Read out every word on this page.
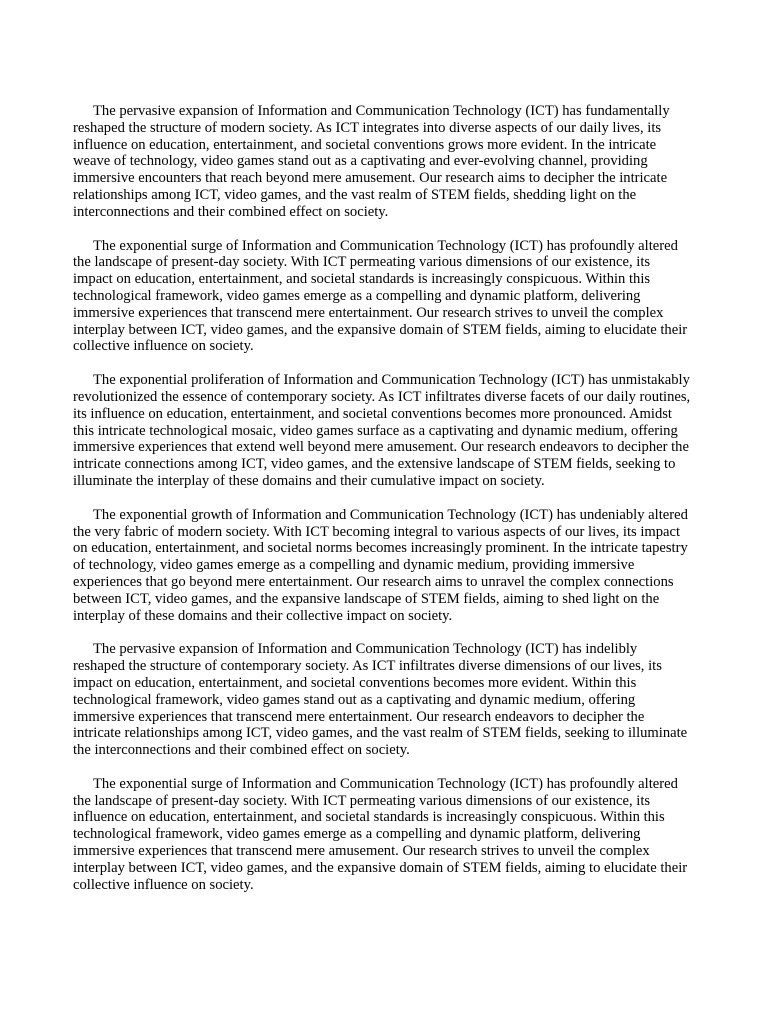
The pervasive expansion of Information and Communication Technology (ICT) has fundamentally reshaped the structure of modern society. As ICT integrates into diverse aspects of our daily lives, its influence on education, entertainment, and societal conventions grows more evident. In the intricate weave of technology, video games stand out as a captivating and ever-evolving channel, providing immersive encounters that reach beyond mere amusement. Our research aims to decipher the intricate relationships among ICT, video games, and the vast realm of STEM fields, shedding light on the interconnections and their combined effect on society.

The exponential surge of Information and Communication Technology (ICT) has profoundly altered the landscape of present-day society. With ICT permeating various dimensions of our existence, its impact on education, entertainment, and societal standards is increasingly conspicuous. Within this technological framework, video games emerge as a compelling and dynamic platform, delivering immersive experiences that transcend mere entertainment. Our research strives to unveil the complex interplay between ICT, video games, and the expansive domain of STEM fields, aiming to elucidate their collective influence on society.

The exponential proliferation of Information and Communication Technology (ICT) has unmistakably revolutionized the essence of contemporary society. As ICT infiltrates diverse facets of our daily routines, its influence on education, entertainment, and societal conventions becomes more pronounced. Amidst this intricate technological mosaic, video games surface as a captivating and dynamic medium, offering immersive experiences that extend well beyond mere amusement. Our research endeavors to decipher the intricate connections among ICT, video games, and the extensive landscape of STEM fields, seeking to illuminate the interplay of these domains and their cumulative impact on society.

The exponential growth of Information and Communication Technology (ICT) has undeniably altered the very fabric of modern society. With ICT becoming integral to various aspects of our lives, its impact on education, entertainment, and societal norms becomes increasingly prominent. In the intricate tapestry of technology, video games emerge as a compelling and dynamic medium, providing immersive experiences that go beyond mere entertainment. Our research aims to unravel the complex connections between ICT, video games, and the expansive landscape of STEM fields, aiming to shed light on the interplay of these domains and their collective impact on society.

The pervasive expansion of Information and Communication Technology (ICT) has indelibly reshaped the structure of contemporary society. As ICT infiltrates diverse dimensions of our lives, its impact on education, entertainment, and societal conventions becomes more evident. Within this technological framework, video games stand out as a captivating and dynamic medium, offering immersive experiences that transcend mere entertainment. Our research endeavors to decipher the intricate relationships among ICT, video games, and the vast realm of STEM fields, seeking to illuminate the interconnections and their combined effect on society.

The exponential surge of Information and Communication Technology (ICT) has profoundly altered the landscape of present-day society. With ICT permeating various dimensions of our existence, its influence on education, entertainment, and societal standards is increasingly conspicuous. Within this technological framework, video games emerge as a compelling and dynamic platform, delivering immersive experiences that transcend mere amusement. Our research strives to unveil the complex interplay between ICT, video games, and the expansive domain of STEM fields, aiming to elucidate their collective influence on society.
